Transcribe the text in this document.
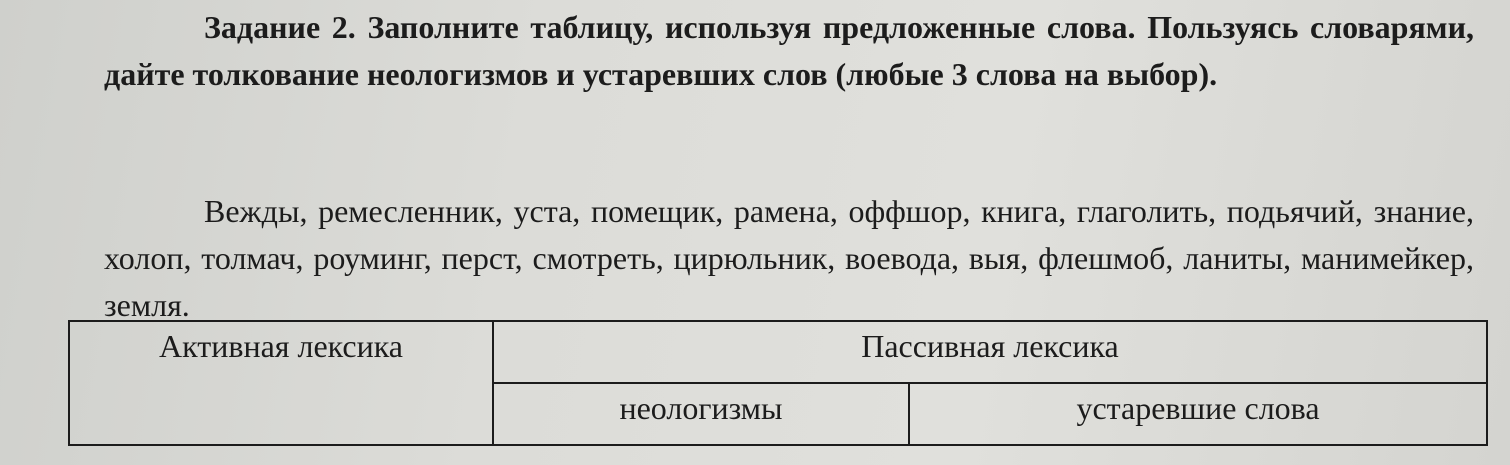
Задание 2. Заполните таблицу, используя предложенные слова. Пользуясь словарями, дайте толкование неологизмов и устаревших слов (любые 3 слова на выбор).

Вежды, ремесленник, уста, помещик, рамена, оффшор, книга, глаголить, подьячий, знание, холоп, толмач, роуминг, перст, смотреть, цирюльник, воевода, выя, флешмоб, ланиты, манимейкер, земля.

Активная лексика	Пассивная лексика	
	неологизмы	устаревшие слова
